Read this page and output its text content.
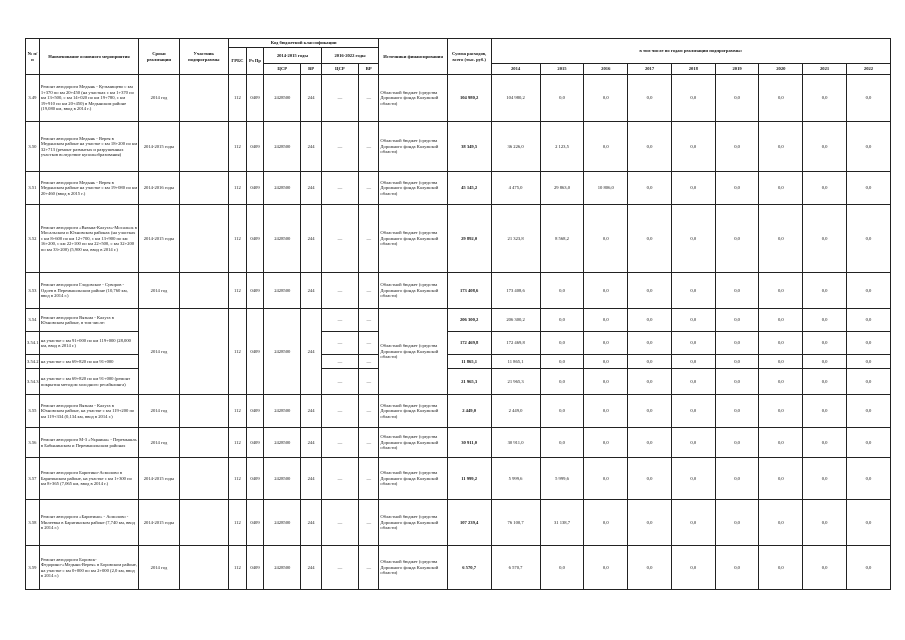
№ п/п	Наименование основного мероприятия	Сроки реализации	Участник подпрограммы	Код бюджетной классификации						Источники финансирования	Сумма расходов, всего (тыс. руб.)	в том числе по годам реализации подпрограммы:								
				ГРБС	Рз Пр	2014-2015 годы		2016-2022 годы												
						ЦСР	ВР	ЦСР	ВР			2014	2015	2016	2017	2018	2019	2020	2021	2022
3.49	Ремонт автодороги Медынь - Кузьмищево с км 1+370 по км 20+450 (на участках с км 1+370 по км 13+500, с км 14+020 по км 19+780, с км 19+910 по км 20+450) в Медынском районе (19,080 км, ввод в 2014 г.)	2014 год		112	0409	2428500	244	—	—	Областной бюджет (средства Дорожного фонда Калужской области)	104 980,2	104 980,2	0,0	0,0	0,0	0,0	0,0	0,0	0,0	0,0
3.50	Ремонт автодороги Медынь - Верея в Медынском районе на участке с км 18+200 по км 32+713 (ремонт размытых и разрушенных участков вследствие купольобразования)	2014-2015 годы		112	0409	2428500	244	—	—	Областной бюджет (средства Дорожного фонда Калужской области)	38 349,5	36 226,0	2 123,5	0,0	0,0	0,0	0,0	0,0	0,0	0,0
3.51	Ремонт автодороги Медынь - Верея в Медынском районе на участке с км 19+080 по км 20+460 (ввод в 2015 г.)	2014-2016 годы		112	0409	2428500	244	—	—	Областной бюджет (средства Дорожного фонда Калужской области)	45 145,2	4 475,0	29 863,0	10 806,0	0,0	0,0	0,0	0,0	0,0	0,0
3.52	Ремонт автодороги «Вязьма-Калуга»-Мосальск в Мосальском и Юхновском районах (на участках с км 8+600 по км 12+700, с км 13+900 по км 16+200, с км 22+100 по км 22+500, с км 32+200 по км 33+200) (5,900 км, ввод в 2014 г.)	2014-2015 годы		112	0409	2428500	244	—	—	Областной бюджет (средства Дорожного фонда Калужской области)	29 892,0	21 323,8	8 568,2	0,0	0,0	0,0	0,0	0,0	0,0	0,0
3.53	Ремонт автодороги Глодовское - Суворов - Одоев в Перемышльском районе (10,760 км, ввод в 2014 г.)	2014 год		112	0409	2428500	244	—	—	Областной бюджет (средства Дорожного фонда Калужской области)	173 408,6	173 408,6	0,0	0,0	0,0	0,0	0,0	0,0	0,0	0,0
3.54	Ремонт автодороги Вязьма - Калуга в Юхновском районе, в том числе:	2014 год		112	0409	2428500	244	—	—	Областной бюджет (средства Дорожного фонда Калужской области)	206 300,2	206 300,2	0,0	0,0	0,0	0,0	0,0	0,0	0,0	0,0
3.54.1	на участке с км 91+000 по км 119+000 (28,000 км, ввод в 2014 г.)							—	—		172 469,8	172 469,8	0,0	0,0	0,0	0,0	0,0	0,0	0,0	0,0
3.54.2	на участке с км 69+820 по км 91+000							—	—		11 865,1	11 865,1	0,0	0,0	0,0	0,0	0,0	0,0	0,0	0,0
3.54.3	на участке с км 69+820 по км 91+000 (ремонт покрытия методом холодного ресайклинга)							—	—		21 965,3	21 965,3	0,0	0,0	0,0	0,0	0,0	0,0	0,0	0,0
3.55	Ремонт автодороги Вязьма - Калуга в Юхновском районе, на участке с км 119+200 по км 119+334 (0,134 км, ввод в 2014 г.)	2014 год		112	0409	2428500	244	—	—	Областной бюджет (средства Дорожного фонда Калужской области)	2 449,0	2 449,0	0,0	0,0	0,0	0,0	0,0	0,0	0,0	0,0
3.56	Ремонт автодороги М-3 «Украина» - Перемышль в Бабынинском и Перемышльском районах	2014 год		112	0409	2428500	244	—	—	Областной бюджет (средства Дорожного фонда Калужской области)	30 911,0	30 911,0	0,0	0,0	0,0	0,0	0,0	0,0	0,0	0,0
3.57	Ремонт автодороги Баритино-Асмолово в Барятинском районе, на участке с км 1+300 по км 8+365 (7,065 км, ввод в 2014 г.)	2014-2015 годы		112	0409	2428500	244	—	—	Областной бюджет (средства Дорожного фонда Калужской области)	11 999,2	5 999,6	5 999,6	0,0	0,0	0,0	0,0	0,0	0,0	0,0
3.58	Ремонт автодороги «Баритино» - Асмолово - Милеевка в Барятинском районе (7,740 км, ввод в 2014 г.)	2014-2015 годы		112	0409	2428500	244	—	—	Областной бюджет (средства Дорожного фонда Калужской области)	107 239,4	76 100,7	31 138,7	0,0	0,0	0,0	0,0	0,0	0,0	0,0
3.59	Ремонт автодороги Боровск-Федорино-«Медынь-Верея» в Боровском районе, на участке с км 0+000 по км 2+000 (2,0 км, ввод в 2014 г.)	2014 год		112	0409	2428500	244	—	—	Областной бюджет (средства Дорожного фонда Калужской области)	6 570,7	6 570,7	0,0	0,0	0,0	0,0	0,0	0,0	0,0	0,0
